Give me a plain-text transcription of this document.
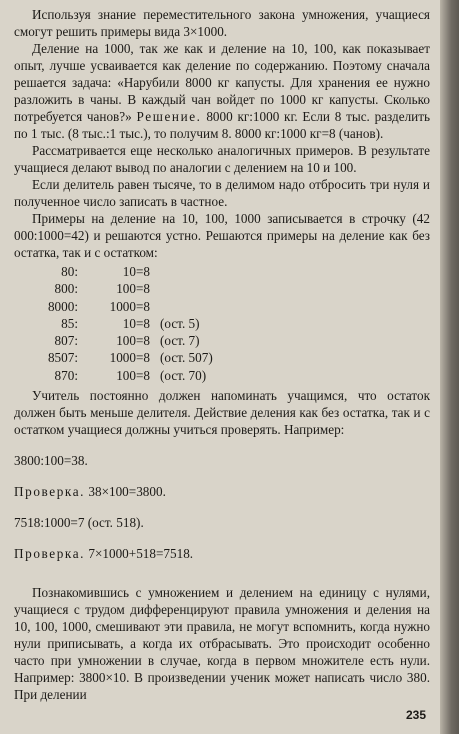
Используя знание переместительного закона умножения, учащиеся смогут решить примеры вида 3×1000.

Деление на 1000, так же как и деление на 10, 100, как показывает опыт, лучше усваивается как деление по содержанию. Поэтому сначала решается задача: «Нарубили 8000 кг капусты. Для хранения ее нужно разложить в чаны. В каждый чан войдет по 1000 кг капусты. Сколько потребуется чанов?» Решение. 8000 кг:1000 кг. Если 8 тыс. разделить по 1 тыс. (8 тыс.:1 тыс.), то получим 8. 8000 кг:1000 кг=8 (чанов).

Рассматривается еще несколько аналогичных примеров. В результате учащиеся делают вывод по аналогии с делением на 10 и 100.

Если делитель равен тысяче, то в делимом надо отбросить три нуля и полученное число записать в частное.

Примеры на деление на 10, 100, 1000 записывается в строчку (42 000:1000=42) и решаются устно. Решаются примеры на деление как без остатка, так и с остатком:

80:	10=8
800:	100=8
8000:	1000=8
85:	10=8 (ост. 5)
807:	100=8 (ост. 7)
8507:	1000=8 (ост. 507)
870:	100=8 (ост. 70)

Учитель постоянно должен напоминать учащимся, что остаток должен быть меньше делителя. Действие деления как без остатка, так и с остатком учащиеся должны учиться проверять. Например:

3800:100=38.

Проверка. 38×100=3800.

7518:1000=7 (ост. 518).

Проверка. 7×1000+518=7518.

Познакомившись с умножением и делением на единицу с нулями, учащиеся с трудом дифференцируют правила умножения и деления на 10, 100, 1000, смешивают эти правила, не могут вспомнить, когда нужно нули приписывать, а когда их отбрасывать. Это происходит особенно часто при умножении в случае, когда в первом множителе есть нули. Например: 3800×10. В произведении ученик может написать число 380. При делении

235
